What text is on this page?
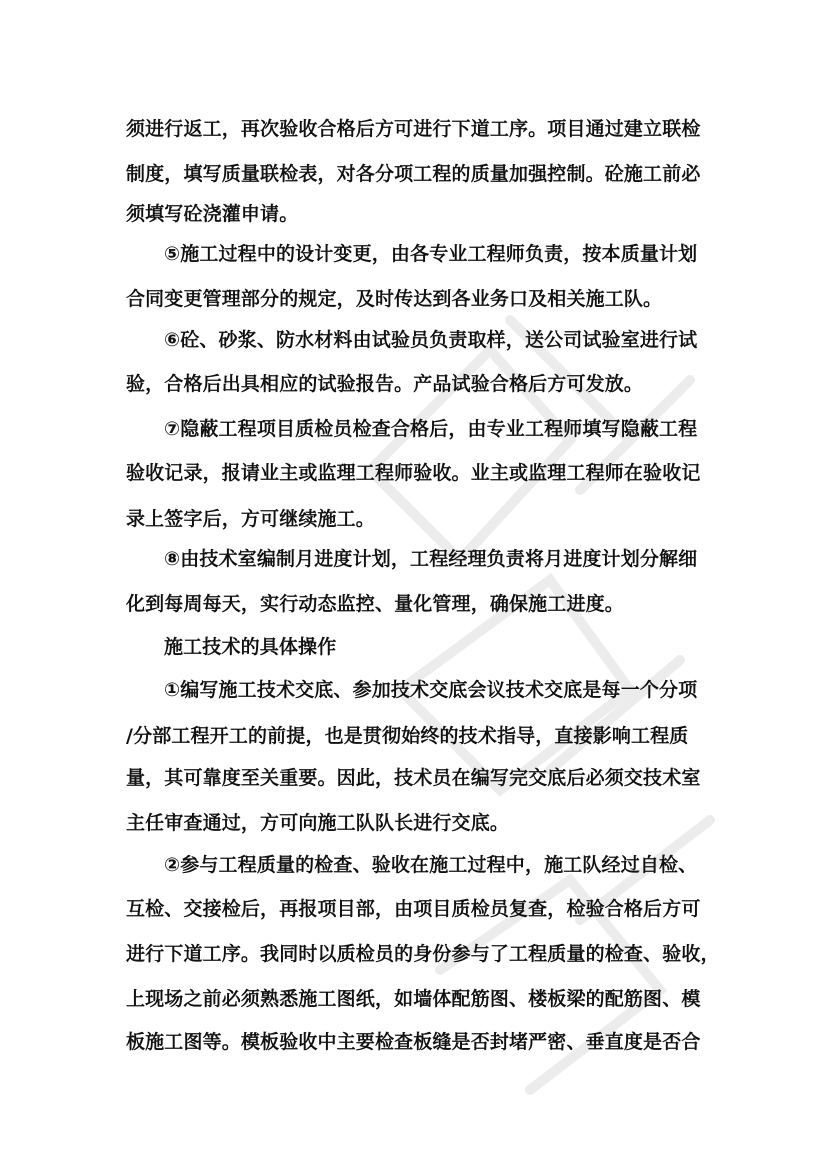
须进行返工，再次验收合格后方可进行下道工序。项目通过建立联检
制度，填写质量联检表，对各分项工程的质量加强控制。砼施工前必
须填写砼浇灌申请。
⑤施工过程中的设计变更，由各专业工程师负责，按本质量计划
合同变更管理部分的规定，及时传达到各业务口及相关施工队。
⑥砼、砂浆、防水材料由试验员负责取样，送公司试验室进行试
验，合格后出具相应的试验报告。产品试验合格后方可发放。
⑦隐蔽工程项目质检员检查合格后，由专业工程师填写隐蔽工程
验收记录，报请业主或监理工程师验收。业主或监理工程师在验收记
录上签字后，方可继续施工。
⑧由技术室编制月进度计划，工程经理负责将月进度计划分解细
化到每周每天，实行动态监控、量化管理，确保施工进度。
施工技术的具体操作
①编写施工技术交底、参加技术交底会议技术交底是每一个分项
/分部工程开工的前提，也是贯彻始终的技术指导，直接影响工程质
量，其可靠度至关重要。因此，技术员在编写完交底后必须交技术室
主任审查通过，方可向施工队队长进行交底。
②参与工程质量的检查、验收在施工过程中，施工队经过自检、
互检、交接检后，再报项目部，由项目质检员复查，检验合格后方可
进行下道工序。我同时以质检员的身份参与了工程质量的检查、验收，
上现场之前必须熟悉施工图纸，如墙体配筋图、楼板梁的配筋图、模
板施工图等。模板验收中主要检查板缝是否封堵严密、垂直度是否合
